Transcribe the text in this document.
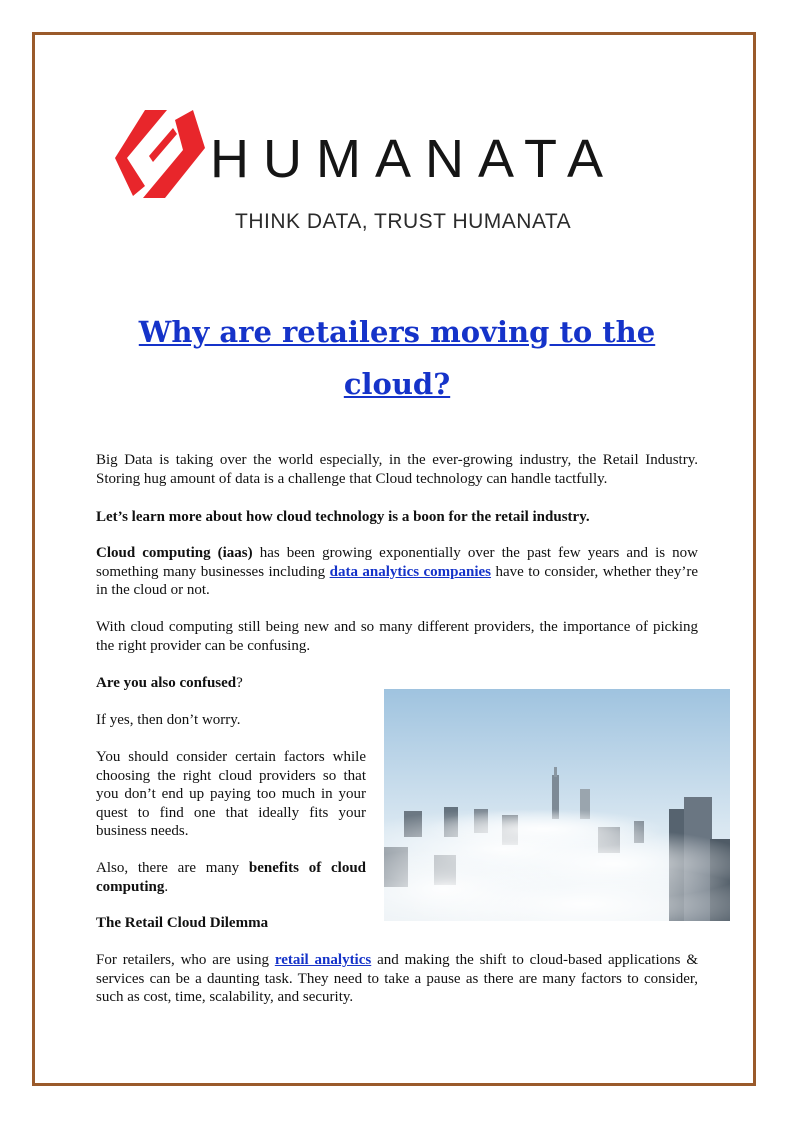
HUMANATA
THINK DATA, TRUST HUMANATA
Why are retailers moving to the cloud?

Big Data is taking over the world especially, in the ever-growing industry, the Retail Industry. Storing hug amount of data is a challenge that Cloud technology can handle tactfully.

Let’s learn more about how cloud technology is a boon for the retail industry.

Cloud computing (iaas) has been growing exponentially over the past few years and is now something many businesses including data analytics companies have to consider, whether they’re in the cloud or not.

With cloud computing still being new and so many different providers, the importance of picking the right provider can be confusing.

Are you also confused?

If yes, then don’t worry.

You should consider certain factors while choosing the right cloud providers so that you don’t end up paying too much in your quest to find one that ideally fits your business needs.

Also, there are many benefits of cloud computing.

The Retail Cloud Dilemma

For retailers, who are using retail analytics and making the shift to cloud-based applications & services can be a daunting task. They need to take a pause as there are many factors to consider, such as cost, time, scalability, and security.
